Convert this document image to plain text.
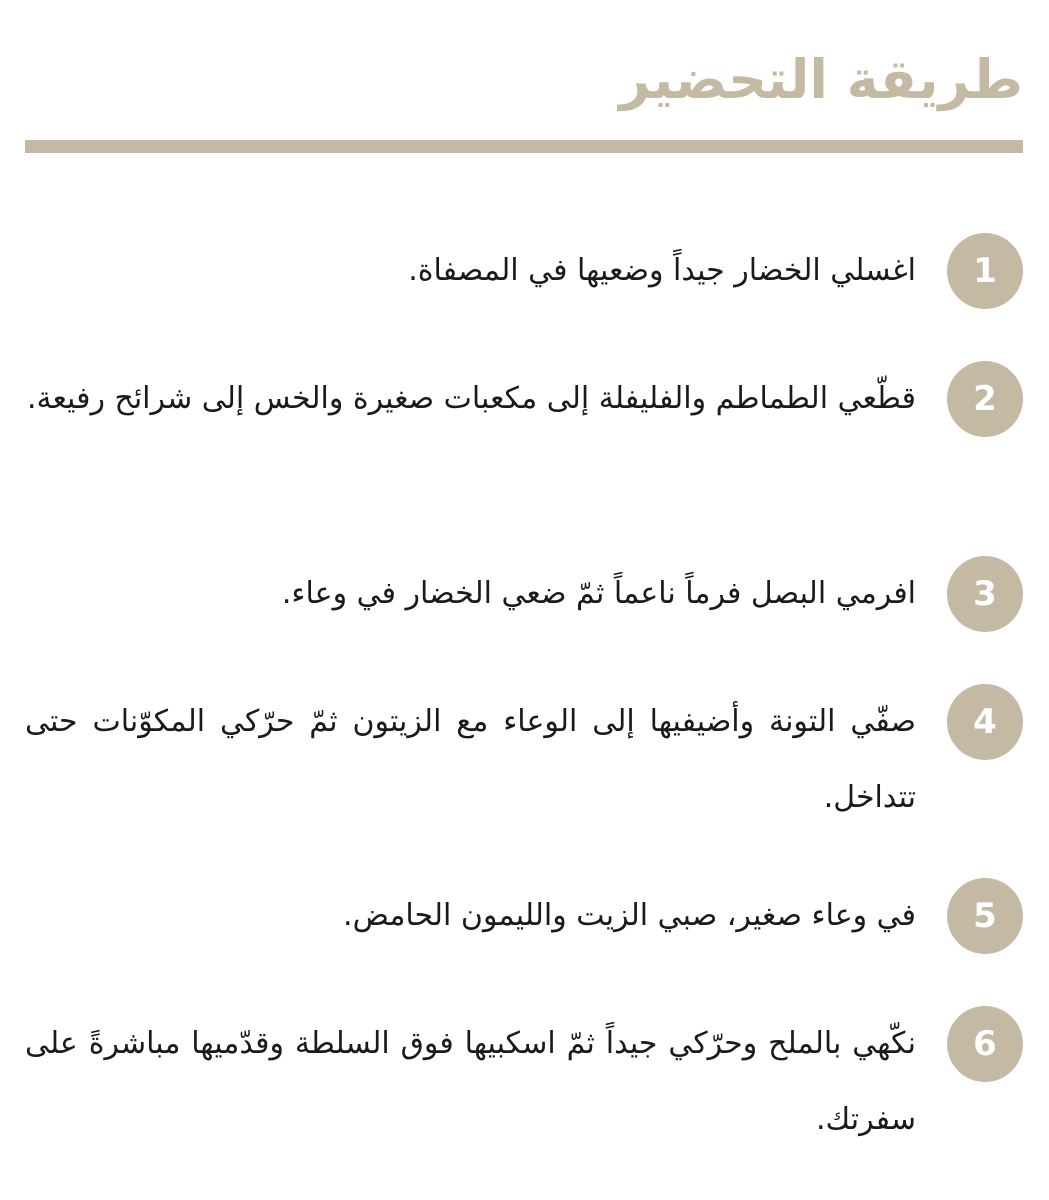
طريقة التحضير
1

اغسلي الخضار جيداً وضعيها في المصفاة.

2

قطّعي الطماطم والفليفلة إلى مكعبات صغيرة والخس إلى شرائح رفيعة.

3

افرمي البصل فرماً ناعماً ثمّ ضعي الخضار في وعاء.

4

صفّي التونة وأضيفيها إلى الوعاء مع الزيتون ثمّ حرّكي المكوّنات حتى تتداخل.

5

في وعاء صغير، صبي الزيت والليمون الحامض.

6

نكّهي بالملح وحرّكي جيداً ثمّ اسكبيها فوق السلطة وقدّميها مباشرةً على سفرتك.
